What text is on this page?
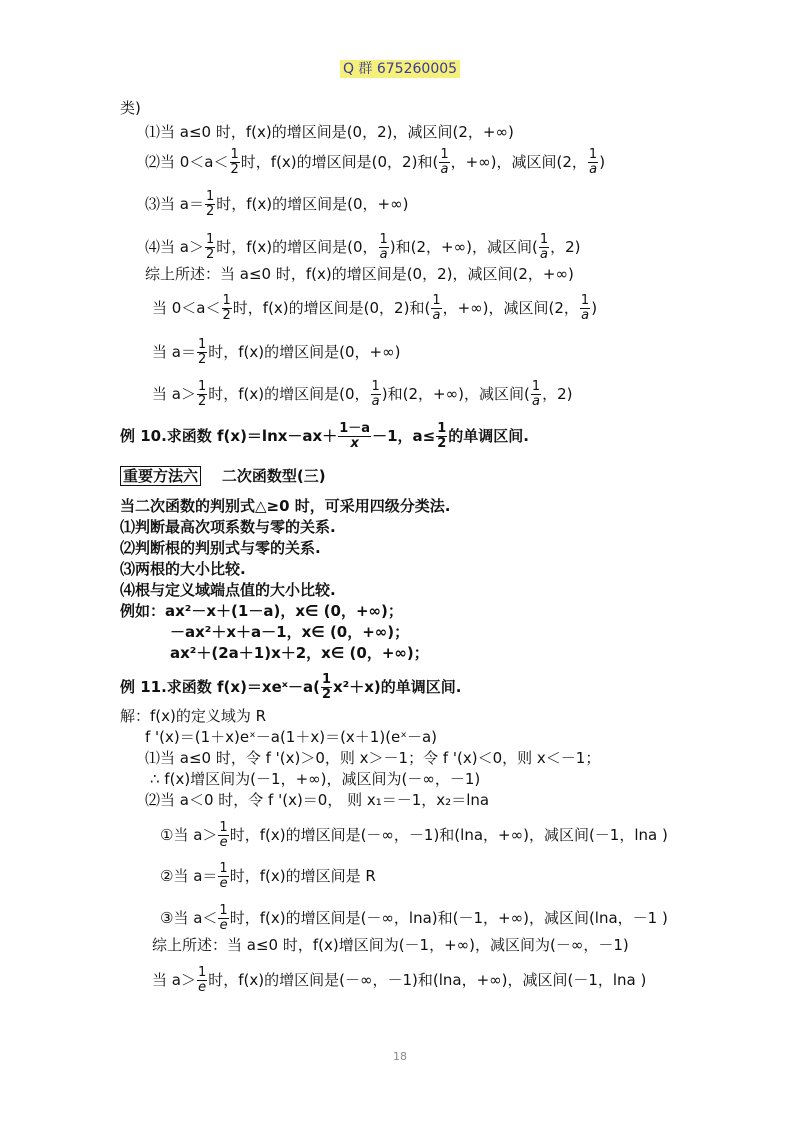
Q 群 675260005
类)
⑴当 a≤0 时，f(x)的增区间是(0，2)，减区间(2，+∞)
⑵当 $0<a< \frac{1}{2}$ 时，f(x)的增区间是(0，2)和( $\frac{1}{a}$ ，+∞)，减区间(2， $\frac{1}{a}$ )
⑶当 $a= \frac{1}{2}$ 时，f(x)的增区间是(0，+∞)
⑷当 $a> \frac{1}{2}$ 时，f(x)的增区间是(0， $\frac{1}{a}$ )和(2，+∞)，减区间( $\frac{1}{a}$ ，2)
综上所述：当 a≤0 时，f(x)的增区间是(0，2)，减区间(2，+∞)
当 $0<a< \frac{1}{2}$ 时，f(x)的增区间是(0，2)和( $\frac{1}{a}$ ，+∞)，减区间(2， $\frac{1}{a}$ )
当 $a= \frac{1}{2}$ 时，f(x)的增区间是(0，+∞)
当 $a> \frac{1}{2}$ 时，f(x)的增区间是(0， $\frac{1}{a}$ )和(2，+∞)，减区间( $\frac{1}{a}$ ，2)
例 10.求函数 $f(x)=\ln x-ax+ \frac{1-a}{x} -1$，$a\le \frac{1}{2}$ 的单调区间.
重要方法六 二次函数型(三)
当二次函数的判别式△≥0 时，可采用四级分类法.
⑴判断最高次项系数与零的关系.
⑵判断根的判别式与零的关系.
⑶两根的大小比较.
⑷根与定义域端点值的大小比较.
例如：ax²－x＋(1－a)，x∈ (0，+∞)；
－ax²＋x＋a－1，x∈ (0，+∞)；
ax²＋(2a＋1)x＋2，x∈ (0，+∞)；
例 11.求函数 f(x)＝xeˣ－a( $\frac{1}{2} x^2+x$)的单调区间.
解：f(x)的定义域为 R
f '(x)＝(1＋x)eˣ－a(1＋x)＝(x＋1)(eˣ－a)
⑴当 a≤0 时，令 f '(x)＞0，则 x＞－1；令 f '(x)＜0，则 x＜－1；
∴ f(x)增区间为(－1，+∞)，减区间为(－∞，－1)
⑵当 a＜0 时，令 f '(x)＝0， 则 x₁＝－1，x₂＝lna
①当 $a> \frac{1}{e}$ 时，f(x)的增区间是(－∞，－1)和(lna，+∞)，减区间(－1，lna )
②当 $a= \frac{1}{e}$ 时，f(x)的增区间是 R
③当 $a< \frac{1}{e}$ 时，f(x)的增区间是(－∞，lna)和(－1，+∞)，减区间(lna，－1 )
综上所述：当 a≤0 时，f(x)增区间为(－1，+∞)，减区间为(－∞，－1)
当 $a> \frac{1}{e}$ 时，f(x)的增区间是(－∞，－1)和(lna，+∞)，减区间(－1，lna )
18
